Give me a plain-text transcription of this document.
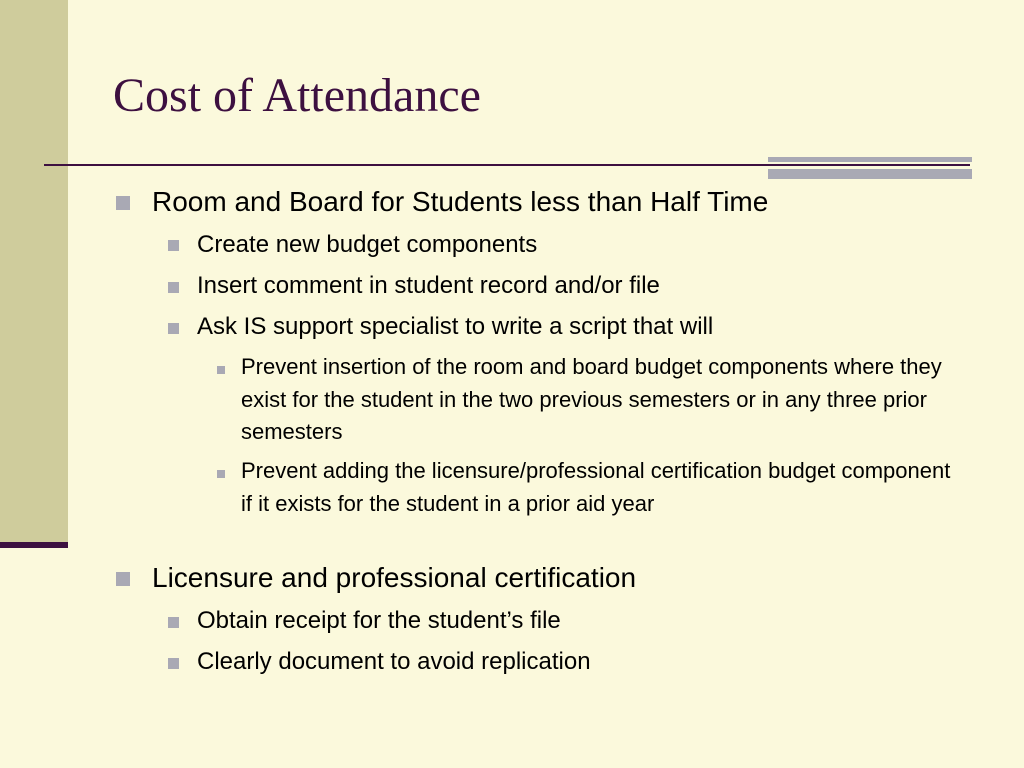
Cost of Attendance
Room and Board for Students less than Half Time
Create new budget components
Insert comment in student record and/or file
Ask IS support specialist to write a script that will
Prevent insertion of the room and board budget components where they exist for the student in the two previous semesters or in any three prior semesters
Prevent adding the licensure/professional certification budget component if it exists for the student in a prior aid year
Licensure and professional certification
Obtain receipt for the student’s file
Clearly document to avoid replication
